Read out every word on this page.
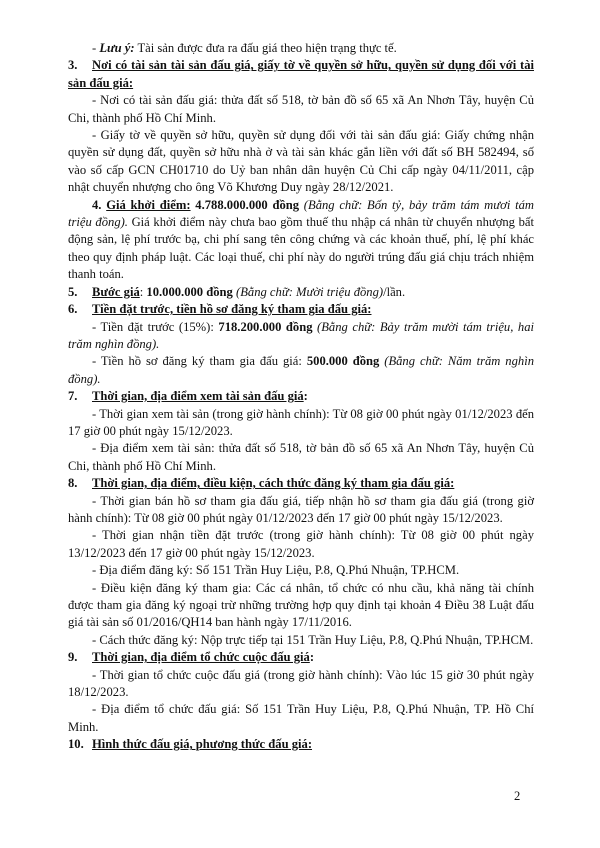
- Lưu ý: Tài sản được đưa ra đấu giá theo hiện trạng thực tế.

3. Nơi có tài sản tài sản đấu giá, giấy tờ về quyền sở hữu, quyền sử dụng đối với tài sản đấu giá:

- Nơi có tài sản đấu giá: thửa đất số 518, tờ bản đồ số 65 xã An Nhơn Tây, huyện Củ Chi, thành phố Hồ Chí Minh.

- Giấy tờ về quyền sở hữu, quyền sử dụng đối với tài sản đấu giá: Giấy chứng nhận quyền sử dụng đất, quyền sở hữu nhà ở và tài sản khác gắn liền với đất số BH 582494, số vào số cấp GCN CH01710 do Uỷ ban nhân dân huyện Củ Chi cấp ngày 04/11/2011, cập nhật chuyển nhượng cho ông Võ Khương Duy ngày 28/12/2021.

4. Giá khởi điểm: 4.788.000.000 đồng (Bằng chữ: Bốn tỷ, bảy trăm tám mươi tám triệu đồng). Giá khởi điểm này chưa bao gồm thuế thu nhập cá nhân từ chuyển nhượng bất động sản, lệ phí trước bạ, chi phí sang tên công chứng và các khoản thuế, phí, lệ phí khác theo quy định pháp luật. Các loại thuế, chi phí này do người trúng đấu giá chịu trách nhiệm thanh toán.

5. Bước giá: 10.000.000 đồng (Bằng chữ: Mười triệu đồng)/lần.

6. Tiền đặt trước, tiền hồ sơ đăng ký tham gia đấu giá:

- Tiền đặt trước (15%): 718.200.000 đồng (Bằng chữ: Bảy trăm mười tám triệu, hai trăm nghìn đồng).

- Tiền hồ sơ đăng ký tham gia đấu giá: 500.000 đồng (Bằng chữ: Năm trăm nghìn đồng).

7. Thời gian, địa điểm xem tài sản đấu giá:

- Thời gian xem tài sản (trong giờ hành chính): Từ 08 giờ 00 phút ngày 01/12/2023 đến 17 giờ 00 phút ngày 15/12/2023.

- Địa điểm xem tài sản: thửa đất số 518, tờ bản đồ số 65 xã An Nhơn Tây, huyện Củ Chi, thành phố Hồ Chí Minh.

8. Thời gian, địa điểm, điều kiện, cách thức đăng ký tham gia đấu giá:

- Thời gian bán hồ sơ tham gia đấu giá, tiếp nhận hồ sơ tham gia đấu giá (trong giờ hành chính): Từ 08 giờ 00 phút ngày 01/12/2023 đến 17 giờ 00 phút ngày 15/12/2023.

- Thời gian nhận tiền đặt trước (trong giờ hành chính): Từ 08 giờ 00 phút ngày 13/12/2023 đến 17 giờ 00 phút ngày 15/12/2023.

- Địa điểm đăng ký: Số 151 Trần Huy Liệu, P.8, Q.Phú Nhuận, TP.HCM.

- Điều kiện đăng ký tham gia: Các cá nhân, tổ chức có nhu cầu, khả năng tài chính được tham gia đăng ký ngoại trừ những trường hợp quy định tại khoản 4 Điều 38 Luật đấu giá tài sản số 01/2016/QH14 ban hành ngày 17/11/2016.

- Cách thức đăng ký: Nộp trực tiếp tại 151 Trần Huy Liệu, P.8, Q.Phú Nhuận, TP.HCM.

9. Thời gian, địa điểm tổ chức cuộc đấu giá:

- Thời gian tổ chức cuộc đấu giá (trong giờ hành chính): Vào lúc 15 giờ 30 phút ngày 18/12/2023.

- Địa điểm tổ chức đấu giá: Số 151 Trần Huy Liệu, P.8, Q.Phú Nhuận, TP. Hồ Chí Minh.

10. Hình thức đấu giá, phương thức đấu giá:

2
